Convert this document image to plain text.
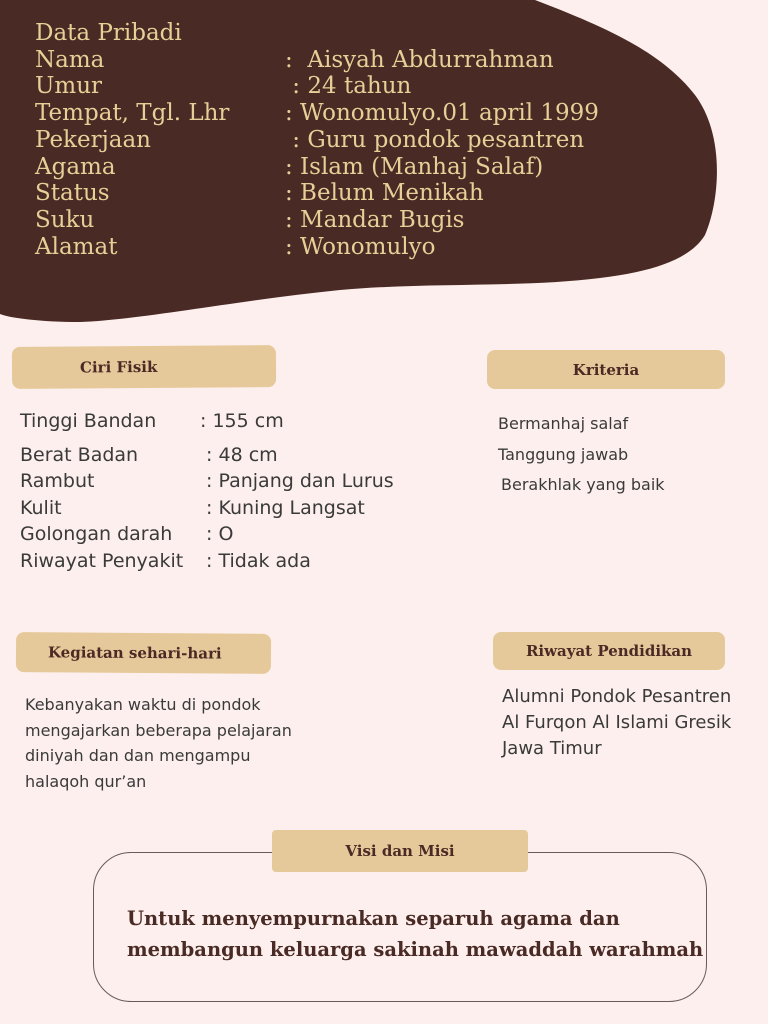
Data Pribadi
Nama	:  Aisyah Abdurrahman
Umur	: 24 tahun
Tempat, Tgl. Lhr	: Wonomulyo.01 april 1999
Pekerjaan	: Guru pondok pesantren
Agama	: Islam (Manhaj Salaf)
Status	: Belum Menikah
Suku	: Mandar Bugis
Alamat	: Wonomulyo
Ciri Fisik
Tinggi Bandan	: 155 cm
Berat Badan	: 48 cm
Rambut	: Panjang dan Lurus
Kulit	: Kuning Langsat
Golongan darah	: O
Riwayat Penyakit : Tidak ada
Kriteria
Bermanhaj salaf
Tanggung jawab
Berakhlak yang baik
Kegiatan sehari-hari
Kebanyakan waktu di pondok
mengajarkan beberapa pelajaran
diniyah dan dan mengampu
halaqoh qur’an
Riwayat Pendidikan
Alumni Pondok Pesantren
Al Furqon Al Islami Gresik
Jawa Timur
Visi dan Misi
Untuk menyempurnakan separuh agama dan
membangun keluarga sakinah mawaddah warahmah
